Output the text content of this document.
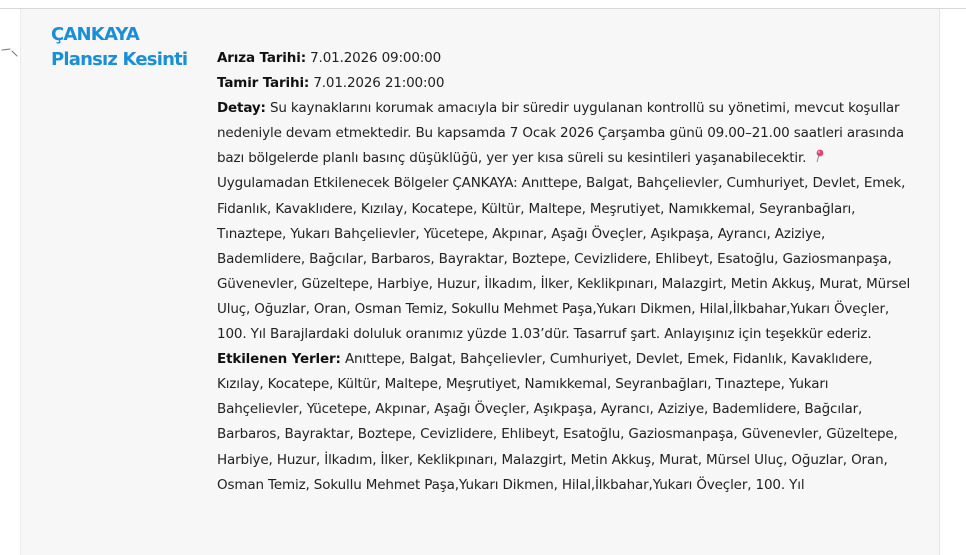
ÇANKAYA
Plansız Kesinti	Arıza Tarihi: 7.01.2026 09:00:00

Tamir Tarihi: 7.01.2026 21:00:00

Detay: Su kaynaklarını korumak amacıyla bir süredir uygulanan kontrollü su yönetimi, mevcut koşullar nedeniyle devam etmektedir. Bu kapsamda 7 Ocak 2026 Çarşamba günü 09.00–21.00 saatleri arasında bazı bölgelerde planlı basınç düşüklüğü, yer yer kısa süreli su kesintileri yaşanabilecektir.

Uygulamadan Etkilenecek Bölgeler ÇANKAYA: Anıttepe, Balgat, Bahçelievler, Cumhuriyet, Devlet, Emek, Fidanlık, Kavaklıdere, Kızılay, Kocatepe, Kültür, Maltepe, Meşrutiyet, Namıkkemal, Seyranbağları, Tınaztepe, Yukarı Bahçelievler, Yücetepe, Akpınar, Aşağı Öveçler, Aşıkpaşa, Ayrancı, Aziziye, Bademlidere, Bağcılar, Barbaros, Bayraktar, Boztepe, Cevizlidere, Ehlibeyt, Esatoğlu, Gaziosmanpaşa, Güvenevler, Güzeltepe, Harbiye, Huzur, İlkadım, İlker, Keklikpınarı, Malazgirt, Metin Akkuş, Murat, Mürsel Uluç, Oğuzlar, Oran, Osman Temiz, Sokullu Mehmet Paşa,Yukarı Dikmen, Hilal,İlkbahar,Yukarı Öveçler, 100. Yıl Barajlardaki doluluk oranımız yüzde 1.03’dür. Tasarruf şart. Anlayışınız için teşekkür ederiz.

Etkilenen Yerler: Anıttepe, Balgat, Bahçelievler, Cumhuriyet, Devlet, Emek, Fidanlık, Kavaklıdere, Kızılay, Kocatepe, Kültür, Maltepe, Meşrutiyet, Namıkkemal, Seyranbağları, Tınaztepe, Yukarı Bahçelievler, Yücetepe, Akpınar, Aşağı Öveçler, Aşıkpaşa, Ayrancı, Aziziye, Bademlidere, Bağcılar, Barbaros, Bayraktar, Boztepe, Cevizlidere, Ehlibeyt, Esatoğlu, Gaziosmanpaşa, Güvenevler, Güzeltepe, Harbiye, Huzur, İlkadım, İlker, Keklikpınarı, Malazgirt, Metin Akkuş, Murat, Mürsel Uluç, Oğuzlar, Oran, Osman Temiz, Sokullu Mehmet Paşa,Yukarı Dikmen, Hilal,İlkbahar,Yukarı Öveçler, 100. Yıl
